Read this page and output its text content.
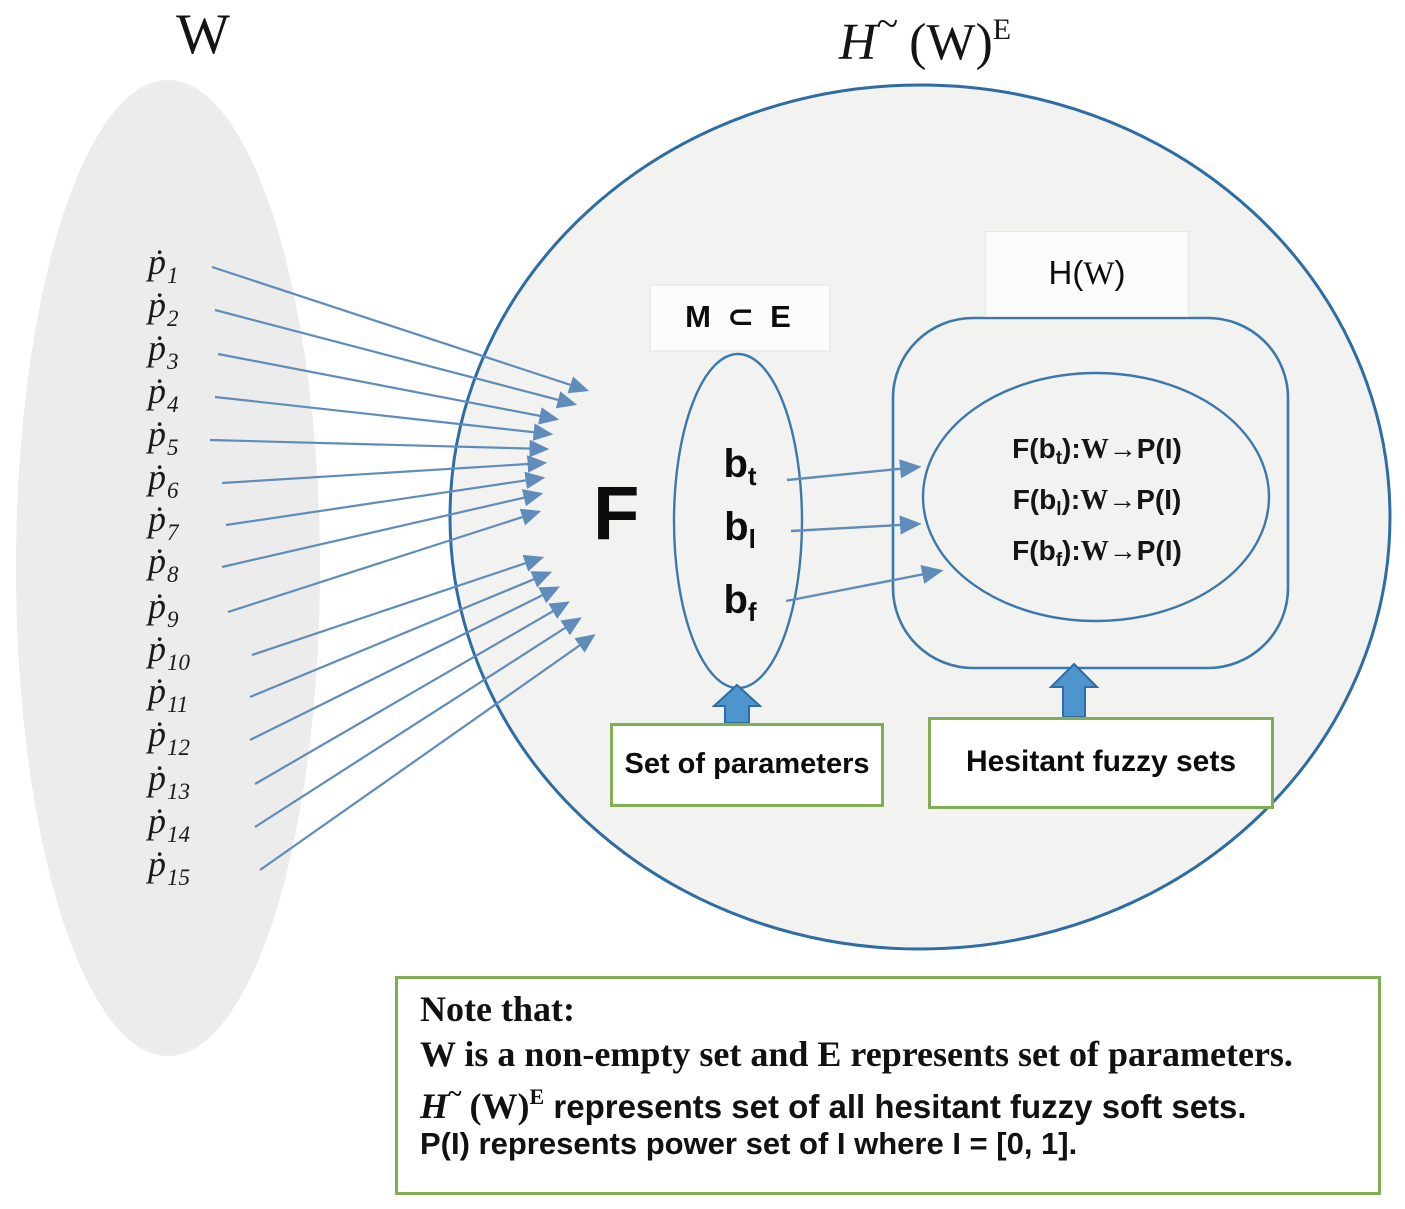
W	H~ $(W)^E$
ṗ$_1$
ṗ$_2$
ṗ$_3$
ṗ$_4$
ṗ$_5$
ṗ$_6$
ṗ$_7$
ṗ$_8$
ṗ$_9$
ṗ$_{10}$
ṗ$_{11}$
ṗ$_{12}$
ṗ$_{13}$
ṗ$_{14}$
ṗ$_{15}$
F
M ⊂ E
$b_t$
$b_l$
$b_f$
H(W)
$F(b_t):W\to P(I)$
$F(b_l):W\to P(I)$
$F(b_f):W\to P(I)$
Set of parameters	Hesitant fuzzy sets
Note that:
W is a non-empty set and E represents set of parameters.
H~ $(W)^E$ represents set of all hesitant fuzzy soft sets.
P(I) represents power set of I where I = [0, 1].
